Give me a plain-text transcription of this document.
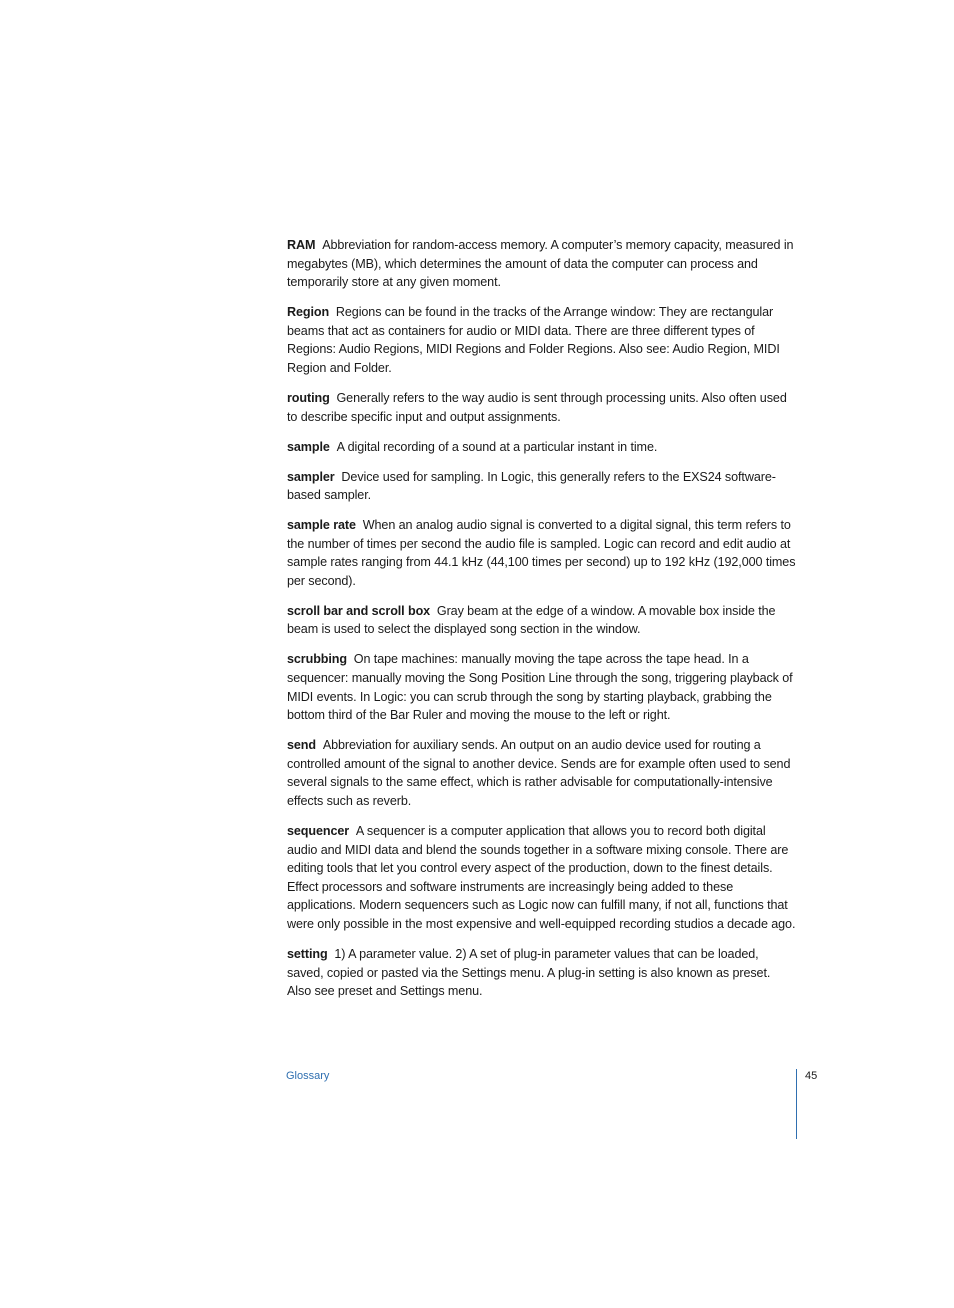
RAM Abbreviation for random-access memory. A computer’s memory capacity, measured in megabytes (MB), which determines the amount of data the computer can process and temporarily store at any given moment.

Region Regions can be found in the tracks of the Arrange window: They are rectangular beams that act as containers for audio or MIDI data. There are three different types of Regions: Audio Regions, MIDI Regions and Folder Regions. Also see: Audio Region, MIDI Region and Folder.

routing Generally refers to the way audio is sent through processing units. Also often used to describe specific input and output assignments.

sample A digital recording of a sound at a particular instant in time.

sampler Device used for sampling. In Logic, this generally refers to the EXS24 software-based sampler.

sample rate When an analog audio signal is converted to a digital signal, this term refers to the number of times per second the audio file is sampled. Logic can record and edit audio at sample rates ranging from 44.1 kHz (44,100 times per second) up to 192 kHz (192,000 times per second).

scroll bar and scroll box Gray beam at the edge of a window. A movable box inside the beam is used to select the displayed song section in the window.

scrubbing On tape machines: manually moving the tape across the tape head. In a sequencer: manually moving the Song Position Line through the song, triggering playback of MIDI events. In Logic: you can scrub through the song by starting playback, grabbing the bottom third of the Bar Ruler and moving the mouse to the left or right.

send Abbreviation for auxiliary sends. An output on an audio device used for routing a controlled amount of the signal to another device. Sends are for example often used to send several signals to the same effect, which is rather advisable for computationally-intensive effects such as reverb.

sequencer A sequencer is a computer application that allows you to record both digital audio and MIDI data and blend the sounds together in a software mixing console. There are editing tools that let you control every aspect of the production, down to the finest details. Effect processors and software instruments are increasingly being added to these applications. Modern sequencers such as Logic now can fulfill many, if not all, functions that were only possible in the most expensive and well-equipped recording studios a decade ago.

setting 1) A parameter value. 2) A set of plug-in parameter values that can be loaded, saved, copied or pasted via the Settings menu. A plug-in setting is also known as preset. Also see preset and Settings menu.

Glossary	45
